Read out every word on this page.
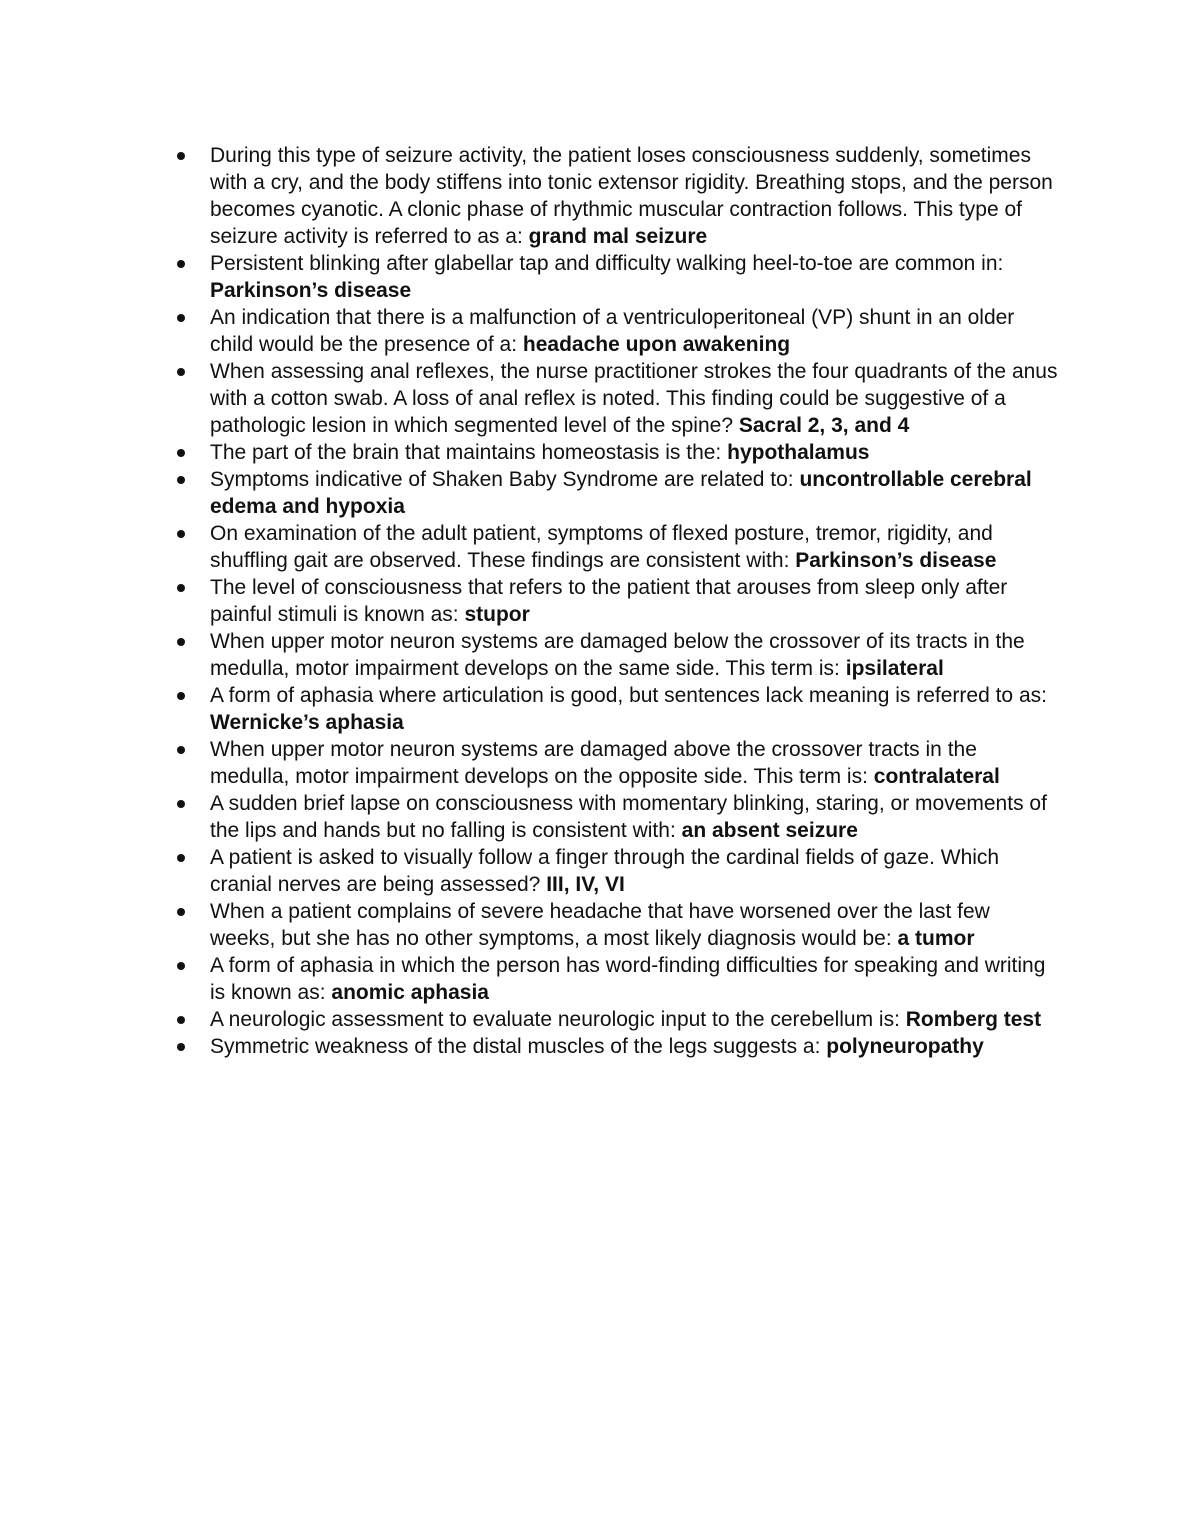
During this type of seizure activity, the patient loses consciousness suddenly, sometimes with a cry, and the body stiffens into tonic extensor rigidity. Breathing stops, and the person becomes cyanotic. A clonic phase of rhythmic muscular contraction follows. This type of seizure activity is referred to as a: grand mal seizure
Persistent blinking after glabellar tap and difficulty walking heel-to-toe are common in: Parkinson’s disease
An indication that there is a malfunction of a ventriculoperitoneal (VP) shunt in an older child would be the presence of a: headache upon awakening
When assessing anal reflexes, the nurse practitioner strokes the four quadrants of the anus with a cotton swab. A loss of anal reflex is noted. This finding could be suggestive of a pathologic lesion in which segmented level of the spine? Sacral 2, 3, and 4
The part of the brain that maintains homeostasis is the: hypothalamus
Symptoms indicative of Shaken Baby Syndrome are related to: uncontrollable cerebral edema and hypoxia
On examination of the adult patient, symptoms of flexed posture, tremor, rigidity, and shuffling gait are observed. These findings are consistent with: Parkinson’s disease
The level of consciousness that refers to the patient that arouses from sleep only after painful stimuli is known as: stupor
When upper motor neuron systems are damaged below the crossover of its tracts in the medulla, motor impairment develops on the same side. This term is: ipsilateral
A form of aphasia where articulation is good, but sentences lack meaning is referred to as: Wernicke’s aphasia
When upper motor neuron systems are damaged above the crossover tracts in the medulla, motor impairment develops on the opposite side. This term is: contralateral
A sudden brief lapse on consciousness with momentary blinking, staring, or movements of the lips and hands but no falling is consistent with: an absent seizure
A patient is asked to visually follow a finger through the cardinal fields of gaze. Which cranial nerves are being assessed? III, IV, VI
When a patient complains of severe headache that have worsened over the last few weeks, but she has no other symptoms, a most likely diagnosis would be: a tumor
A form of aphasia in which the person has word-finding difficulties for speaking and writing is known as: anomic aphasia
A neurologic assessment to evaluate neurologic input to the cerebellum is: Romberg test
Symmetric weakness of the distal muscles of the legs suggests a: polyneuropathy
